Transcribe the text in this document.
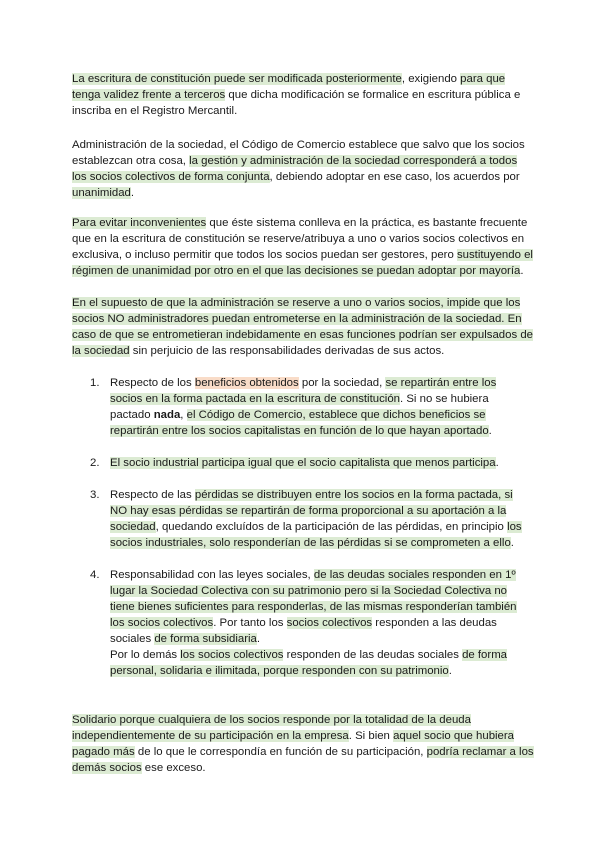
La escritura de constitución puede ser modificada posteriormente, exigiendo para que tenga validez frente a terceros que dicha modificación se formalice en escritura pública e inscriba en el Registro Mercantil.

Administración de la sociedad, el Código de Comercio establece que salvo que los socios establezcan otra cosa, la gestión y administración de la sociedad corresponderá a todos los socios colectivos de forma conjunta, debiendo adoptar en ese caso, los acuerdos por unanimidad.

Para evitar inconvenientes que éste sistema conlleva en la práctica, es bastante frecuente que en la escritura de constitución se reserve/atribuya a uno o varios socios colectivos en exclusiva, o incluso permitir que todos los socios puedan ser gestores, pero sustituyendo el régimen de unanimidad por otro en el que las decisiones se puedan adoptar por mayoría.

En el supuesto de que la administración se reserve a uno o varios socios, impide que los socios NO administradores puedan entrometerse en la administración de la sociedad. En caso de que se entrometieran indebidamente en esas funciones podrían ser expulsados de la sociedad sin perjuicio de las responsabilidades derivadas de sus actos.

1. Respecto de los beneficios obtenidos por la sociedad, se repartirán entre los socios en la forma pactada en la escritura de constitución. Si no se hubiera pactado nada, el Código de Comercio, establece que dichos beneficios se repartirán entre los socios capitalistas en función de lo que hayan aportado.
2. El socio industrial participa igual que el socio capitalista que menos participa.
3. Respecto de las pérdidas se distribuyen entre los socios en la forma pactada, si NO hay esas pérdidas se repartirán de forma proporcional a su aportación a la sociedad, quedando excluídos de la participación de las pérdidas, en principio los socios industriales, solo responderían de las pérdidas si se comprometen a ello.
4. Responsabilidad con las leyes sociales, de las deudas sociales responden en 1º lugar la Sociedad Colectiva con su patrimonio pero si la Sociedad Colectiva no tiene bienes suficientes para responderlas, de las mismas responderían también los socios colectivos. Por tanto los socios colectivos responden a las deudas sociales de forma subsidiaria.
Por lo demás los socios colectivos responden de las deudas sociales de forma personal, solidaria e ilimitada, porque responden con su patrimonio.

Solidario porque cualquiera de los socios responde por la totalidad de la deuda independientemente de su participación en la empresa. Si bien aquel socio que hubiera pagado más de lo que le correspondía en función de su participación, podría reclamar a los demás socios ese exceso.
